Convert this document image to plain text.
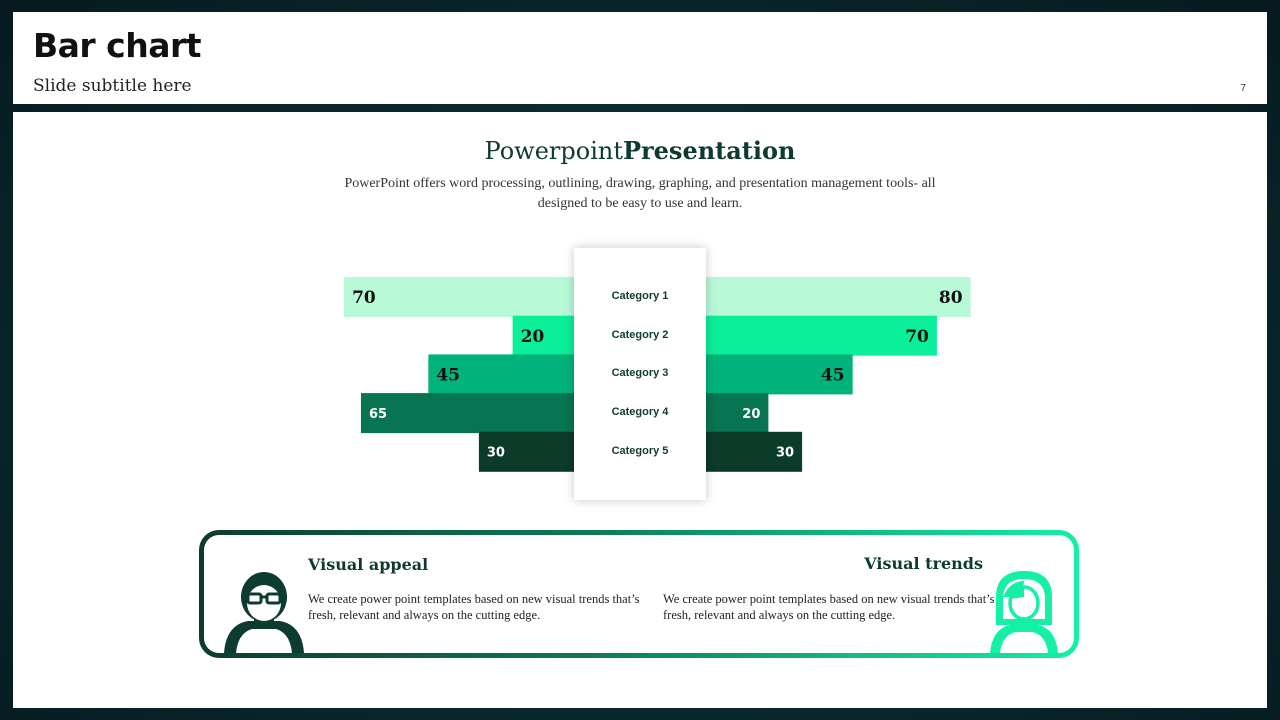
Bar chart
Slide subtitle here	7
PowerpointPresentation
PowerPoint offers word processing, outlining, drawing, graphing, and presentation management tools- all designed to be easy to use and learn.
70	80
20	70
45	45
65	20
30	30
Category 1
Category 2
Category 3
Category 4
Category 5
Visual appeal
We create power point templates based on new visual trends that’s fresh, relevant and always on the cutting edge.
Visual trends
We create power point templates based on new visual trends that’s fresh, relevant and always on the cutting edge.
